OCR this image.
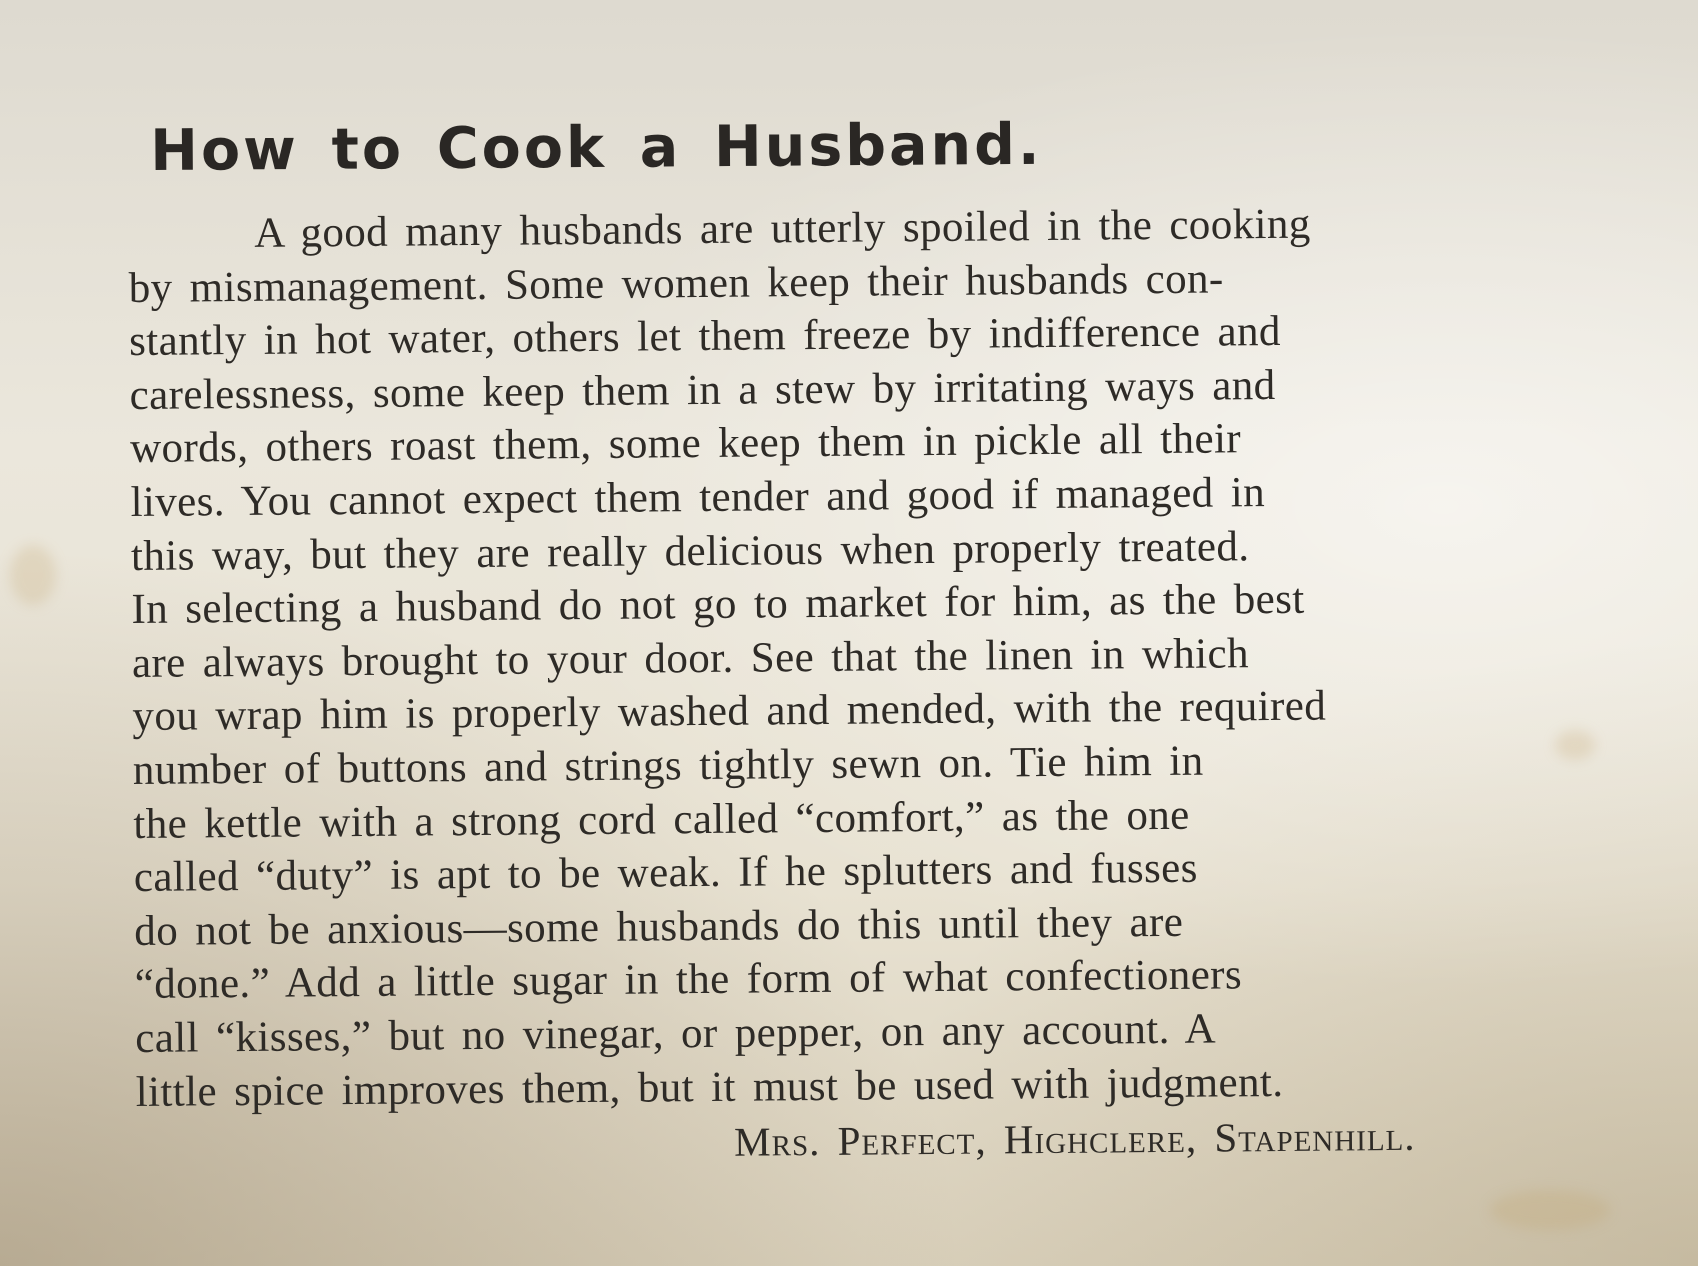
How to Cook a Husband.
A good many husbands are utterly spoiled in the cooking
by mismanagement. Some women keep their husbands con-
stantly in hot water, others let them freeze by indifference and
carelessness, some keep them in a stew by irritating ways and
words, others roast them, some keep them in pickle all their
lives. You cannot expect them tender and good if managed in
this way, but they are really delicious when properly treated.
In selecting a husband do not go to market for him, as the best
are always brought to your door. See that the linen in which
you wrap him is properly washed and mended, with the required
number of buttons and strings tightly sewn on. Tie him in
the kettle with a strong cord called “comfort,” as the one
called “duty” is apt to be weak. If he splutters and fusses
do not be anxious—some husbands do this until they are
“done.” Add a little sugar in the form of what confectioners
call “kisses,” but no vinegar, or pepper, on any account. A
little spice improves them, but it must be used with judgment.
Mrs. Perfect, Highclere, Stapenhill.
